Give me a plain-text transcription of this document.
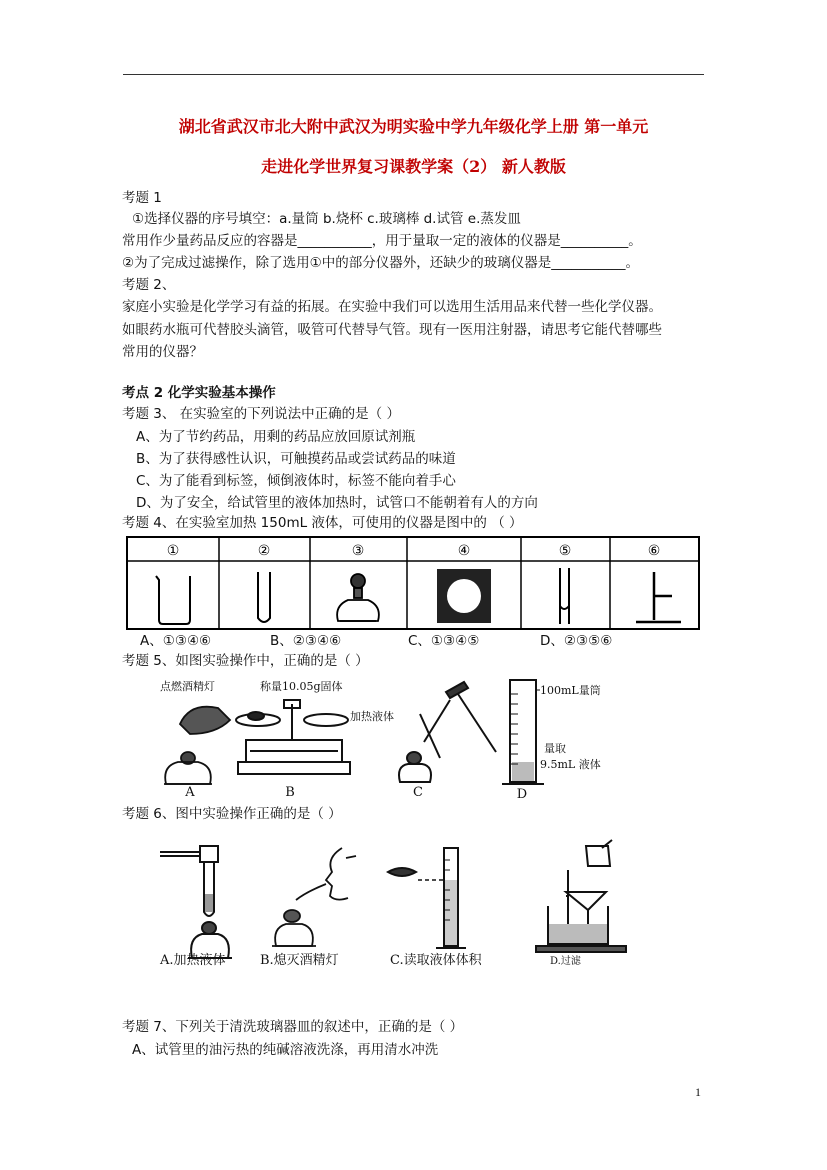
湖北省武汉市北大附中武汉为明实验中学九年级化学上册 第一单元
走进化学世界复习课教学案（2） 新人教版
考题 1
①选择仪器的序号填空：a.量筒 b.烧杯 c.玻璃棒 d.试管 e.蒸发皿
常用作少量药品反应的容器是___________，用于量取一定的液体的仪器是__________。
②为了完成过滤操作，除了选用①中的部分仪器外，还缺少的玻璃仪器是___________。
考题 2、
家庭小实验是化学学习有益的拓展。在实验中我们可以选用生活用品来代替一些化学仪器。
如眼药水瓶可代替胶头滴管，吸管可代替导气管。现有一医用注射器，请思考它能代替哪些
常用的仪器？
考点 2 化学实验基本操作
考题 3、 在实验室的下列说法中正确的是（ ）
A、为了节约药品，用剩的药品应放回原试剂瓶
B、为了获得感性认识，可触摸药品或尝试药品的味道
C、为了能看到标签，倾倒液体时，标签不能向着手心
D、为了安全，给试管里的液体加热时，试管口不能朝着有人的方向
考题 4、在实验室加热 150mL 液体，可使用的仪器是图中的 （ ）
①	②	③	④	⑤	⑥
A、①③④⑥	B、②③④⑥	C、①③④⑤	D、②③⑤⑥
考题 5、如图实验操作中，正确的是（ ）
点燃酒精灯	称量10.05g固体
加热液体
100mL量筒
量取
9.5mL 液体
A	B	C	D
考题 6、图中实验操作正确的是（ ）
A.加热液体	B.熄灭酒精灯	C.读取液体体积	D.过滤
考题 7、下列关于清洗玻璃器皿的叙述中，正确的是（ ）
A、试管里的油污热的纯碱溶液洗涤，再用清水冲洗
1
